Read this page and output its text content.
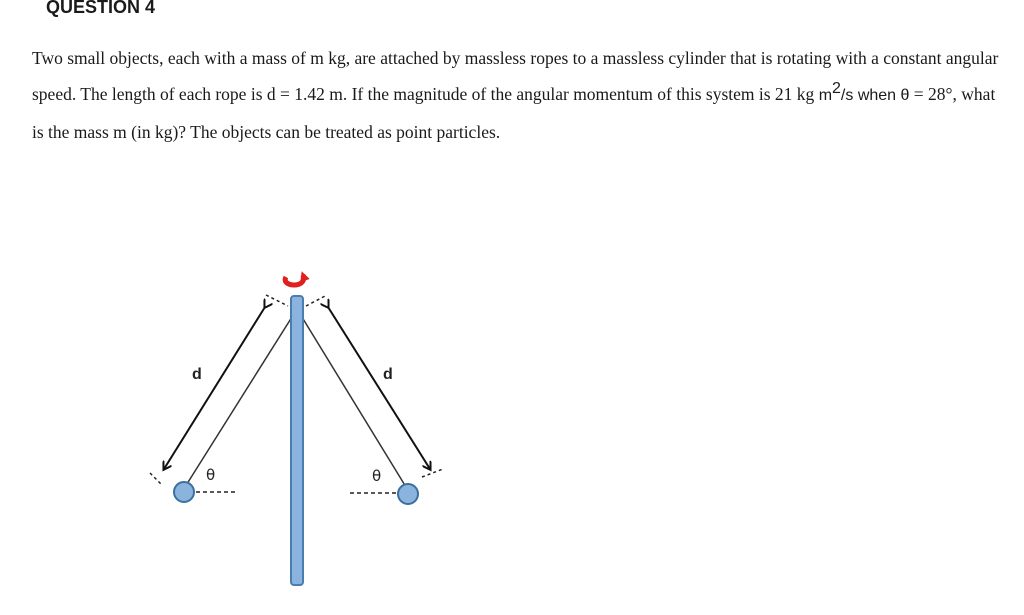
QUESTION 4
Two small objects, each with a mass of m kg, are attached by massless ropes to a massless cylinder that is rotating with a constant angular speed. The length of each rope is d = 1.42 m. If the magnitude of the angular momentum of this system is 21 kg $m^2/s$ when θ = 28°, what is the mass m (in kg)? The objects can be treated as point particles.
d	d
θ	θ
